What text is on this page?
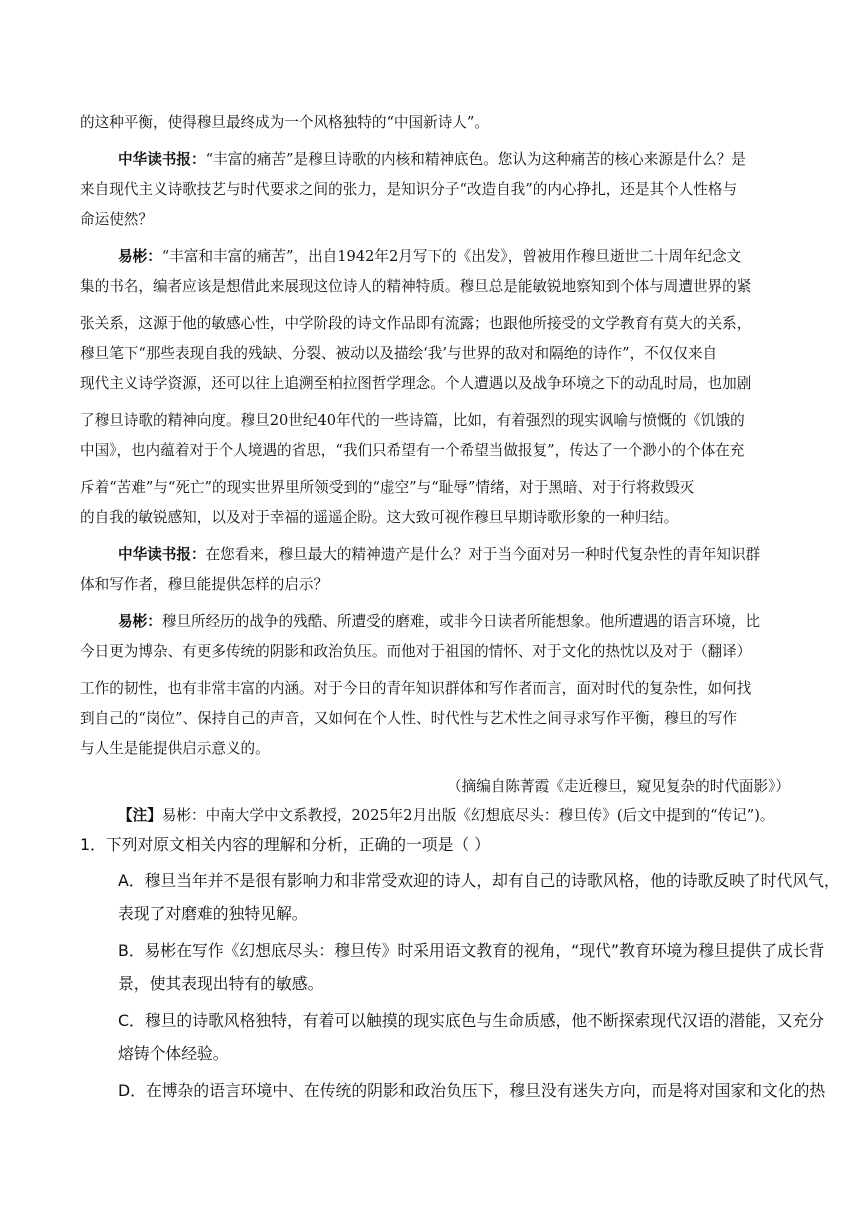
的这种平衡，使得穆旦最终成为一个风格独特的“中国新诗人”。
中华读书报：“丰富的痛苦”是穆旦诗歌的内核和精神底色。您认为这种痛苦的核心来源是什么？是
来自现代主义诗歌技艺与时代要求之间的张力，是知识分子“改造自我”的内心挣扎，还是其个人性格与
命运使然？
易彬：“丰富和丰富的痛苦”，出自1942年2月写下的《出发》，曾被用作穆旦逝世二十周年纪念文
集的书名，编者应该是想借此来展现这位诗人的精神特质。穆旦总是能敏锐地察知到个体与周遭世界的紧
张关系，这源于他的敏感心性，中学阶段的诗文作品即有流露；也跟他所接受的文学教育有莫大的关系，
穆旦笔下“那些表现自我的残缺、分裂、被动以及描绘‘我’与世界的敌对和隔绝的诗作”，不仅仅来自
现代主义诗学资源，还可以往上追溯至柏拉图哲学理念。个人遭遇以及战争环境之下的动乱时局，也加剧
了穆旦诗歌的精神向度。穆旦20世纪40年代的一些诗篇，比如，有着强烈的现实讽喻与愤慨的《饥饿的
中国》，也内蕴着对于个人境遇的省思，“我们只希望有一个希望当做报复”，传达了一个渺小的个体在充
斥着“苦难”与“死亡”的现实世界里所领受到的“虚空”与“耻辱”情绪，对于黑暗、对于行将救毁灭
的自我的敏锐感知，以及对于幸福的遥遥企盼。这大致可视作穆旦早期诗歌形象的一种归结。
中华读书报：在您看来，穆旦最大的精神遗产是什么？对于当今面对另一种时代复杂性的青年知识群
体和写作者，穆旦能提供怎样的启示？
易彬：穆旦所经历的战争的残酷、所遭受的磨难，或非今日读者所能想象。他所遭遇的语言环境，比
今日更为博杂、有更多传统的阴影和政治负压。而他对于祖国的情怀、对于文化的热忱以及对于（翻译）
工作的韧性，也有非常丰富的内涵。对于今日的青年知识群体和写作者而言，面对时代的复杂性，如何找
到自己的“岗位”、保持自己的声音，又如何在个人性、时代性与艺术性之间寻求写作平衡，穆旦的写作
与人生是能提供启示意义的。
（摘编自陈菁霞《走近穆旦，窥见复杂的时代面影》）
【注】易彬：中南大学中文系教授，2025年2月出版《幻想底尽头：穆旦传》(后文中提到的“传记”)。
1．下列对原文相关内容的理解和分析，正确的一项是（ ）
A．穆旦当年并不是很有影响力和非常受欢迎的诗人，却有自己的诗歌风格，他的诗歌反映了时代风气，
表现了对磨难的独特见解。
B．易彬在写作《幻想底尽头：穆旦传》时采用语文教育的视角，“现代”教育环境为穆旦提供了成长背
景，使其表现出特有的敏感。
C．穆旦的诗歌风格独特，有着可以触摸的现实底色与生命质感，他不断探索现代汉语的潜能，又充分
熔铸个体经验。
D．在博杂的语言环境中、在传统的阴影和政治负压下，穆旦没有迷失方向，而是将对国家和文化的热
